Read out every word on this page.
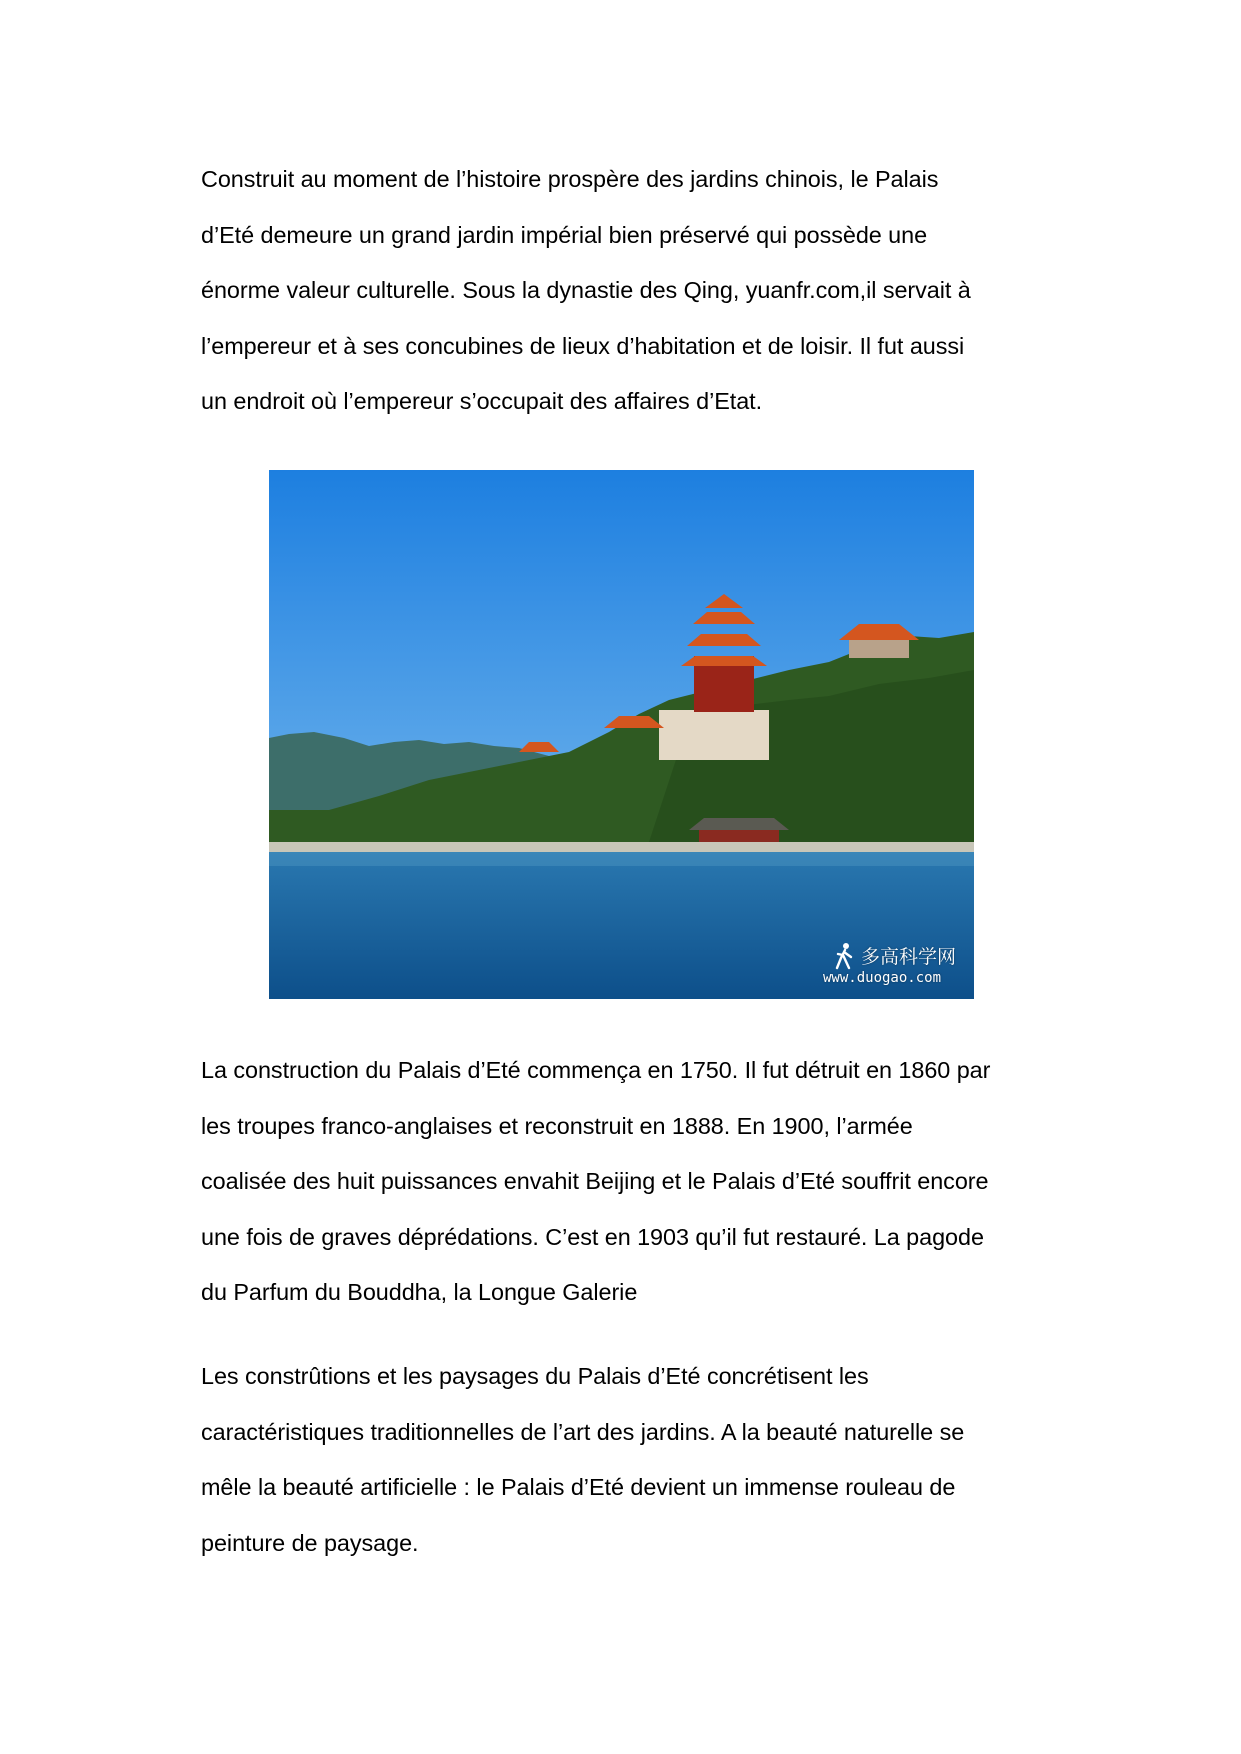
Construit au moment de l’histoire prospère des jardins chinois, le Palais
d’Eté demeure un grand jardin impérial bien préservé qui possède une
énorme valeur culturelle. Sous la dynastie des Qing, yuanfr.com,il servait à
l’empereur et à ses concubines de lieux d’habitation et de loisir. Il fut aussi
un endroit où l’empereur s’occupait des affaires d’Etat.
多高科学网
www.duogao.com
La construction du Palais d’Eté commença en 1750. Il fut détruit en 1860 par
les troupes franco-anglaises et reconstruit en 1888. En 1900, l’armée
coalisée des huit puissances envahit Beijing et le Palais d’Eté souffrit encore
une fois de graves déprédations. C’est en 1903 qu’il fut restauré. La pagode
du Parfum du Bouddha, la Longue Galerie
Les constrûtions et les paysages du Palais d’Eté concrétisent les
caractéristiques traditionnelles de l’art des jardins. A la beauté naturelle se
mêle la beauté artificielle : le Palais d’Eté devient un immense rouleau de
peinture de paysage.
